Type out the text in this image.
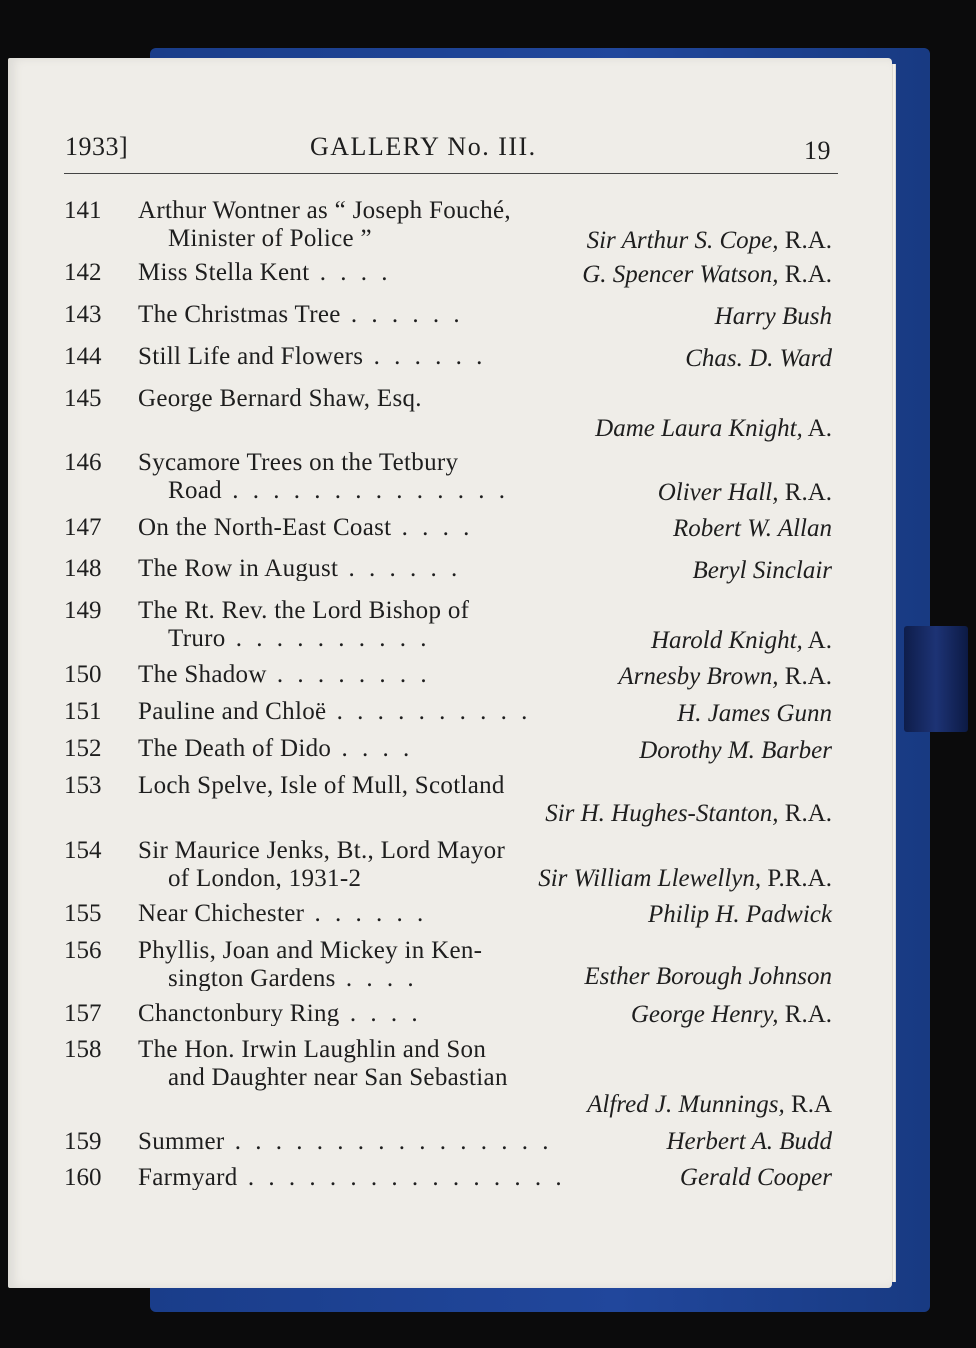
1933]	GALLERY No. III.	19
141 Arthur Wontner as “ Joseph Fouché,
Minister of Police ”	Sir Arthur S. Cope, R.A.
142 Miss Stella Kent . . . .	G. Spencer Watson, R.A.
143 The Christmas Tree . . . . . .	Harry Bush
144 Still Life and Flowers . . . . . .	Chas. D. Ward
145 George Bernard Shaw, Esq.
Dame Laura Knight, A.
146 Sycamore Trees on the Tetbury
Road . . . . . . . . . . . . . .	Oliver Hall, R.A.
147 On the North-East Coast . . . .	Robert W. Allan
148 The Row in August . . . . . .	Beryl Sinclair
149 The Rt. Rev. the Lord Bishop of
Truro . . . . . . . . . .	Harold Knight, A.
150 The Shadow . . . . . . . .	Arnesby Brown, R.A.
151 Pauline and Chloë . . . . . . . . . .	H. James Gunn
152 The Death of Dido . . . .	Dorothy M. Barber
153 Loch Spelve, Isle of Mull, Scotland
Sir H. Hughes-Stanton, R.A.
154 Sir Maurice Jenks, Bt., Lord Mayor
of London, 1931-2	Sir William Llewellyn, P.R.A.
155 Near Chichester . . . . . .	Philip H. Padwick
156 Phyllis, Joan and Mickey in Ken-
sington Gardens . . . .	Esther Borough Johnson
157 Chanctonbury Ring . . . .	George Henry, R.A.
158 The Hon. Irwin Laughlin and Son
and Daughter near San Sebastian
Alfred J. Munnings, R.A
159 Summer . . . . . . . . . . . . . . . .	Herbert A. Budd
160 Farmyard . . . . . . . . . . . . . . . .	Gerald Cooper
